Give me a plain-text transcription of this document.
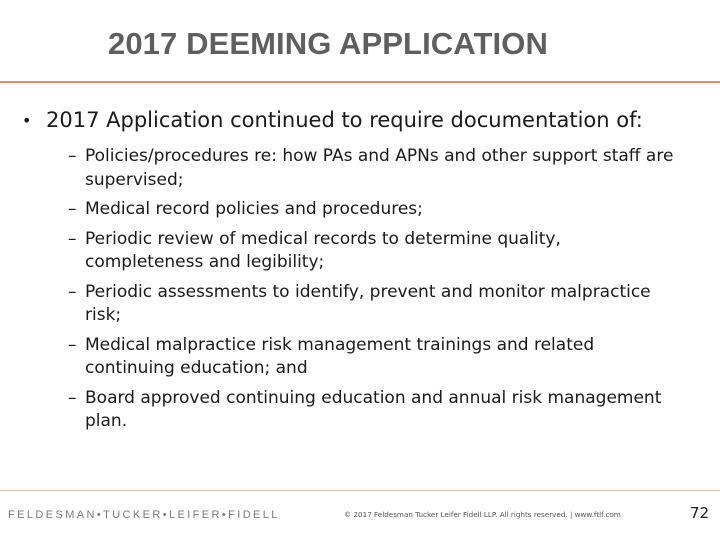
2017 DEEMING APPLICATION
• 2017 Application continued to require documentation of:
– Policies/procedures re: how PAs and APNs and other support staff are supervised;
– Medical record policies and procedures;
– Periodic review of medical records to determine quality, completeness and legibility;
– Periodic assessments to identify, prevent and monitor malpractice risk;
– Medical malpractice risk management trainings and related continuing education; and
– Board approved continuing education and annual risk management plan.
FELDESMAN•TUCKER•LEIFER•FIDELL	© 2017 Feldesman Tucker Leifer Fidell LLP. All rights reserved. | www.ftlf.com	72
